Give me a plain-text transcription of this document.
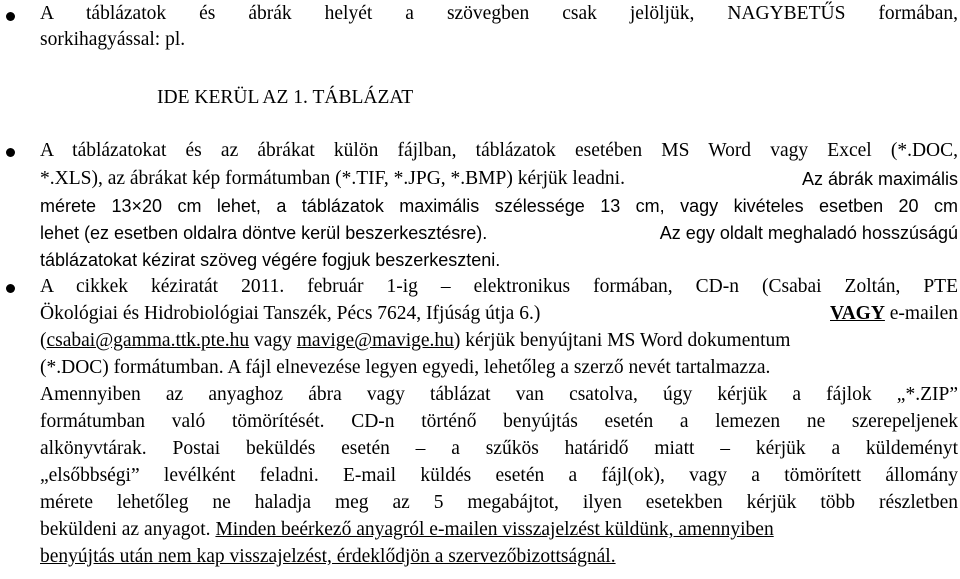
A táblázatok és ábrák helyét a szövegben csak jelöljük, NAGYBETŰS formában,
sorkihagyással: pl.
IDE KERÜL AZ 1. TÁBLÁZAT
A táblázatokat és az ábrákat külön fájlban, táblázatok esetében MS Word vagy Excel (*.DOC,
*.XLS), az ábrákat kép formátumban (*.TIF, *.JPG, *.BMP) kérjük leadni.	Az ábrák maximális
mérete 13×20 cm lehet, a táblázatok maximális szélessége 13 cm, vagy kivételes esetben 20 cm
lehet (ez esetben oldalra döntve kerül beszerkesztésre).	Az egy oldalt meghaladó hosszúságú
táblázatokat kézirat szöveg végére fogjuk beszerkeszteni.
A cikkek kéziratát 2011. február 1-ig – elektronikus formában, CD-n (Csabai Zoltán, PTE
Ökológiai és Hidrobiológiai Tanszék, Pécs 7624, Ifjúság útja 6.)	VAGY e-mailen
(csabai@gamma.ttk.pte.hu vagy mavige@mavige.hu) kérjük benyújtani MS Word dokumentum
(*.DOC) formátumban. A fájl elnevezése legyen egyedi, lehetőleg a szerző nevét tartalmazza.
Amennyiben az anyaghoz ábra vagy táblázat van csatolva, úgy kérjük a fájlok „*.ZIP”
formátumban való tömörítését. CD-n történő benyújtás esetén a lemezen ne szerepeljenek
alkönyvtárak. Postai beküldés esetén – a szűkös határidő miatt – kérjük a küldeményt
„elsőbbségi” levélként feladni. E-mail küldés esetén a fájl(ok), vagy a tömörített állomány
mérete lehetőleg ne haladja meg az 5 megabájtot, ilyen esetekben kérjük több részletben
beküldeni az anyagot. Minden beérkező anyagról e-mailen visszajelzést küldünk, amennyiben
benyújtás után nem kap visszajelzést, érdeklődjön a szervezőbizottságnál.
